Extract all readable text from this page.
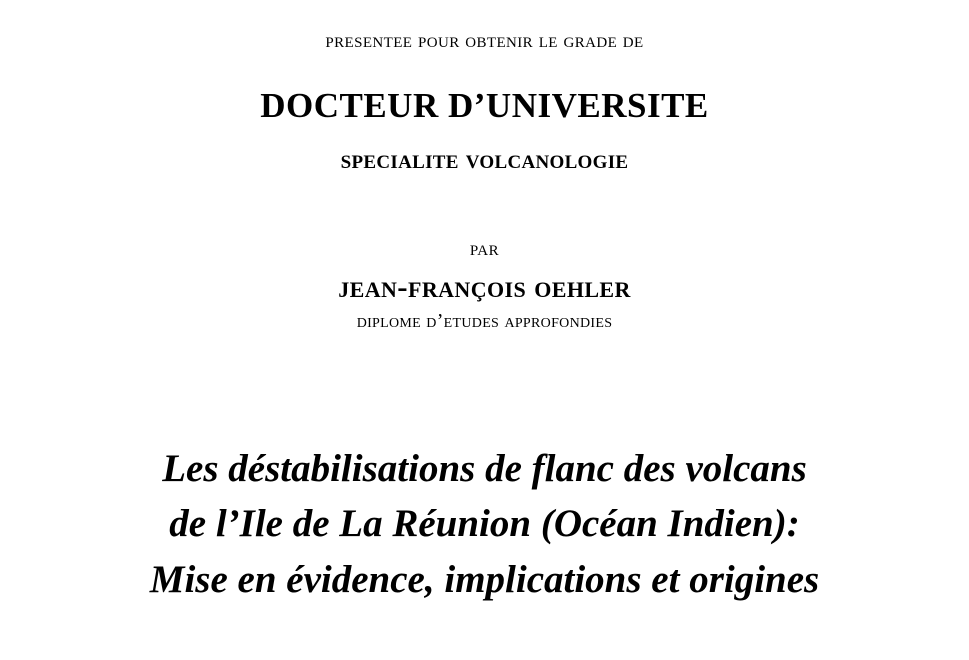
presentee pour obtenir le grade de
DOCTEUR D’UNIVERSITE
specialite volcanologie
par
jean-françois oehler
diplome d’etudes approfondies
Les déstabilisations de flanc des volcans
de l’Ile de La Réunion (Océan Indien):
Mise en évidence, implications et origines
